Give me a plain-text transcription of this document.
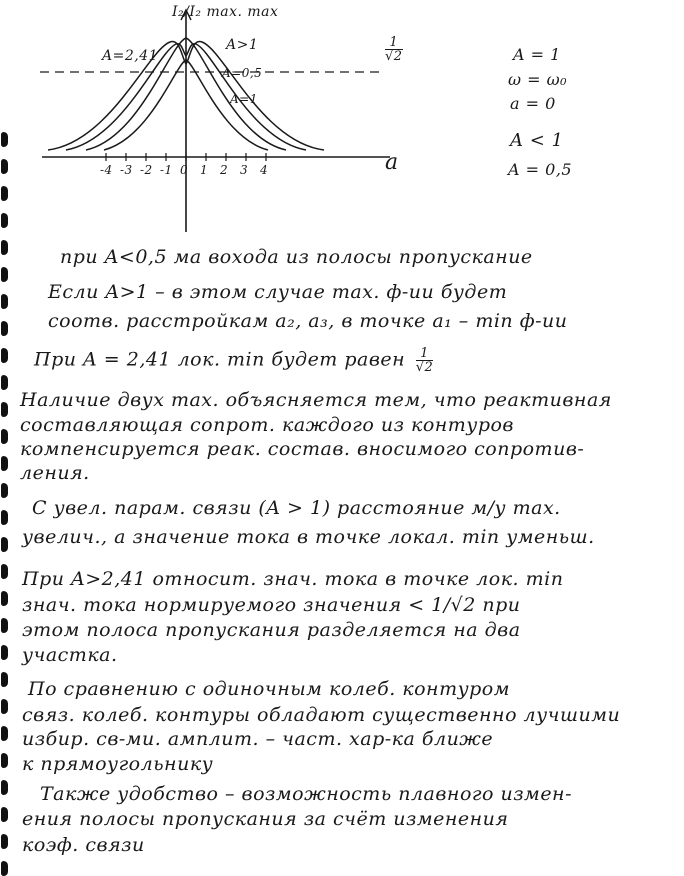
I₂/I₂ max. max
A=2,41
A>1
A=0,5
A=1
a
$\frac{1}{√2}$
-4 -3 -2 -1 0 1 2 3 4
A = 1
ω = ω₀
a = 0
A < 1
A = 0,5
при A<0,5 ма вохода из полосы пропускание
Если A>1 – в этом случае max. ф-ии будет
соотв. расстройкам a₂, a₃, в точке a₁ – min ф-ии
При A = 2,41 лок. min будет равен $\frac{1}{√2}$
Наличие двух max. объясняется тем, что реактивная
составляющая сопрот. каждого из контуров
компенсируется реак. состав. вносимого сопротив-
ления.
С увел. парам. связи (A > 1) расстояние м/у max.
увелич., а значение тока в точке локал. min уменьш.
При A>2,41 относит. знач. тока в точке лок. min
знач. тока нормируемого значения < 1/√2 при
этом полоса пропускания разделяется на два
участка.
По сравнению с одиночным колеб. контуром
связ. колеб. контуры обладают существенно лучшими
избир. св-ми. амплит. – част. хар-ка ближе
к прямоугольнику
Также удобство – возможность плавного измен-
ения полосы пропускания за счёт изменения
коэф. связи
